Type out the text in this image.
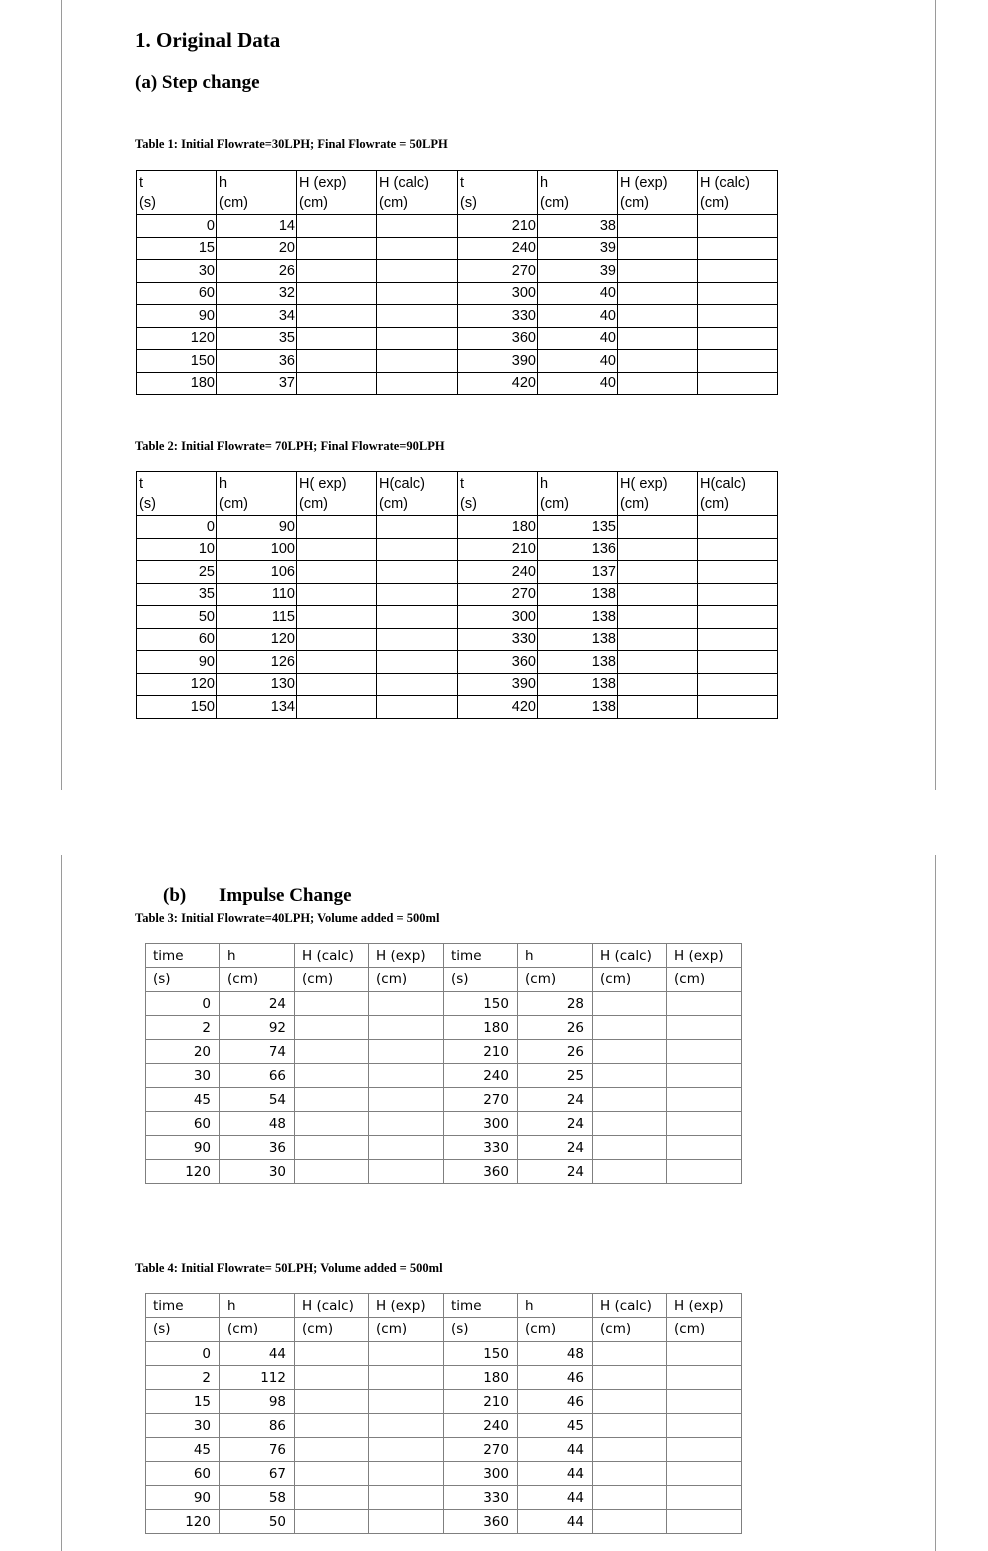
1. Original Data
(a) Step change
Table 1: Initial Flowrate=30LPH; Final Flowrate = 50LPH
t	h	H (exp)	H (calc)	t	h	H (exp)	H (calc)
(s)	(cm)	(cm)	(cm)	(s)	(cm)	(cm)	(cm)
0	14			210	38		
15	20			240	39		
30	26			270	39		
60	32			300	40		
90	34			330	40		
120	35			360	40		
150	36			390	40		
180	37			420	40		
Table 2: Initial Flowrate= 70LPH; Final Flowrate=90LPH
t	h	H( exp)	H(calc)	t	h	H( exp)	H(calc)
(s)	(cm)	(cm)	(cm)	(s)	(cm)	(cm)	(cm)
0	90			180	135		
10	100			210	136		
25	106			240	137		
35	110			270	138		
50	115			300	138		
60	120			330	138		
90	126			360	138		
120	130			390	138		
150	134			420	138		
(b) Impulse Change
Table 3: Initial Flowrate=40LPH; Volume added = 500ml
time	h	H (calc)	H (exp)	time	h	H (calc)	H (exp)
(s)	(cm)	(cm)	(cm)	(s)	(cm)	(cm)	(cm)
0	24			150	28		
2	92			180	26		
20	74			210	26		
30	66			240	25		
45	54			270	24		
60	48			300	24		
90	36			330	24		
120	30			360	24		
Table 4: Initial Flowrate= 50LPH; Volume added = 500ml
time	h	H (calc)	H (exp)	time	h	H (calc)	H (exp)
(s)	(cm)	(cm)	(cm)	(s)	(cm)	(cm)	(cm)
0	44			150	48		
2	112			180	46		
15	98			210	46		
30	86			240	45		
45	76			270	44		
60	67			300	44		
90	58			330	44		
120	50			360	44		
